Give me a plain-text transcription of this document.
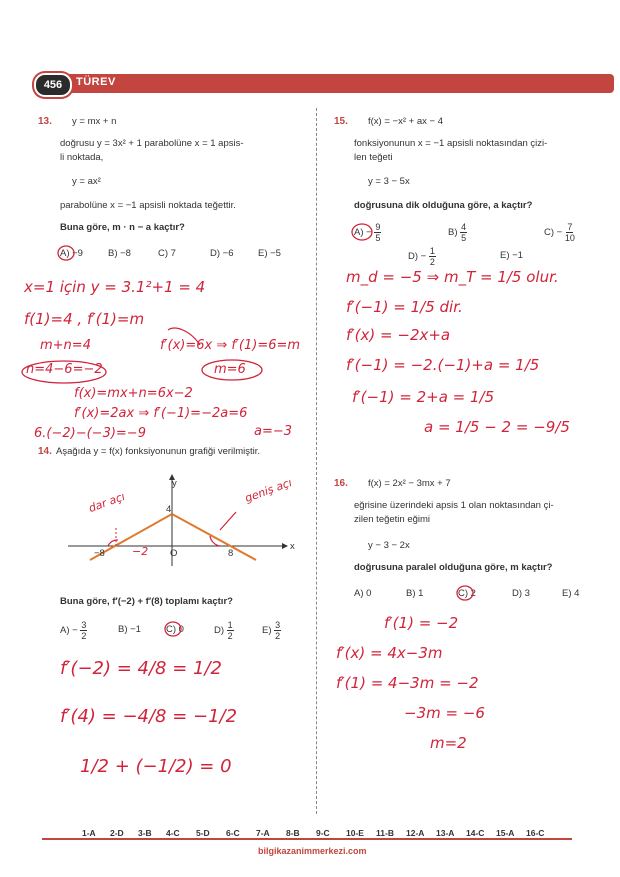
456	TÜREV
13. y = mx + n
doğrusu y = 3x² + 1 parabolüne x = 1 apsis-
li noktada,
y = ax²
parabolüne x = −1 apsisli noktada teğettir.
Buna göre, m · n − a kaçtır?
A) −9	B) −8	C) 7	D) −6	E) −5
14. Aşağıda y = f(x) fonksiyonunun grafiği verilmiştir.
y
x
4
O
−8	8
−2
dar açı	geniş açı
Buna göre, f′(−2) + f′(8) toplamı kaçtır?
$A) - \frac{3}{2}$	B) −1	C) 0	$D) \frac{1}{2}$	$E) \frac{3}{2}$
15. f(x) = −x² + ax − 4
fonksiyonunun x = −1 apsisli noktasından çizi-
len teğeti
y = 3 − 5x
doğrusuna dik olduğuna göre, a kaçtır?
$A) - \frac{9}{5}$	$B) \frac{4}{5}$	$C) - \frac{7}{10}$
$D) - \frac{1}{2}$	E) −1
16. f(x) = 2x² − 3mx + 7
eğrisine üzerindeki apsis 1 olan noktasından çi-
zilen teğetin eğimi
y − 3 − 2x
doğrusuna paralel olduğuna göre, m kaçtır?
A) 0	B) 1	C) 2	D) 3	E) 4
x=1 için y = 3.1²+1 = 4
f(1)=4 , f′(1)=m
m+n=4
n=4−6=−2
f′(x)=6x ⇒ f′(1)=6=m
m=6
f(x)=mx+n=6x−2
f′(x)=2ax ⇒ f′(−1)=−2a=6
a=−3
6.(−2)−(−3)=−9
f′(−2) = 4/8 = 1/2
f′(4) = −4/8 = −1/2
1/2 + (−1/2) = 0
m_d = −5 ⇒ m_T = 1/5 olur.
f′(−1) = 1/5 dir.
f′(x) = −2x+a
f′(−1) = −2.(−1)+a = 1/5
f′(−1) = 2+a = 1/5
a = 1/5 − 2 = −9/5
f′(1) = −2
f′(x) = 4x−3m
f′(1) = 4−3m = −2
−3m = −6
m=2
1-A 2-D 3-B 4-C 5-D 6-C 7-A 8-B 9-C 10-E 11-B 12-A 13-A 14-C 15-A 16-C
bilgikazanimmerkezi.com
